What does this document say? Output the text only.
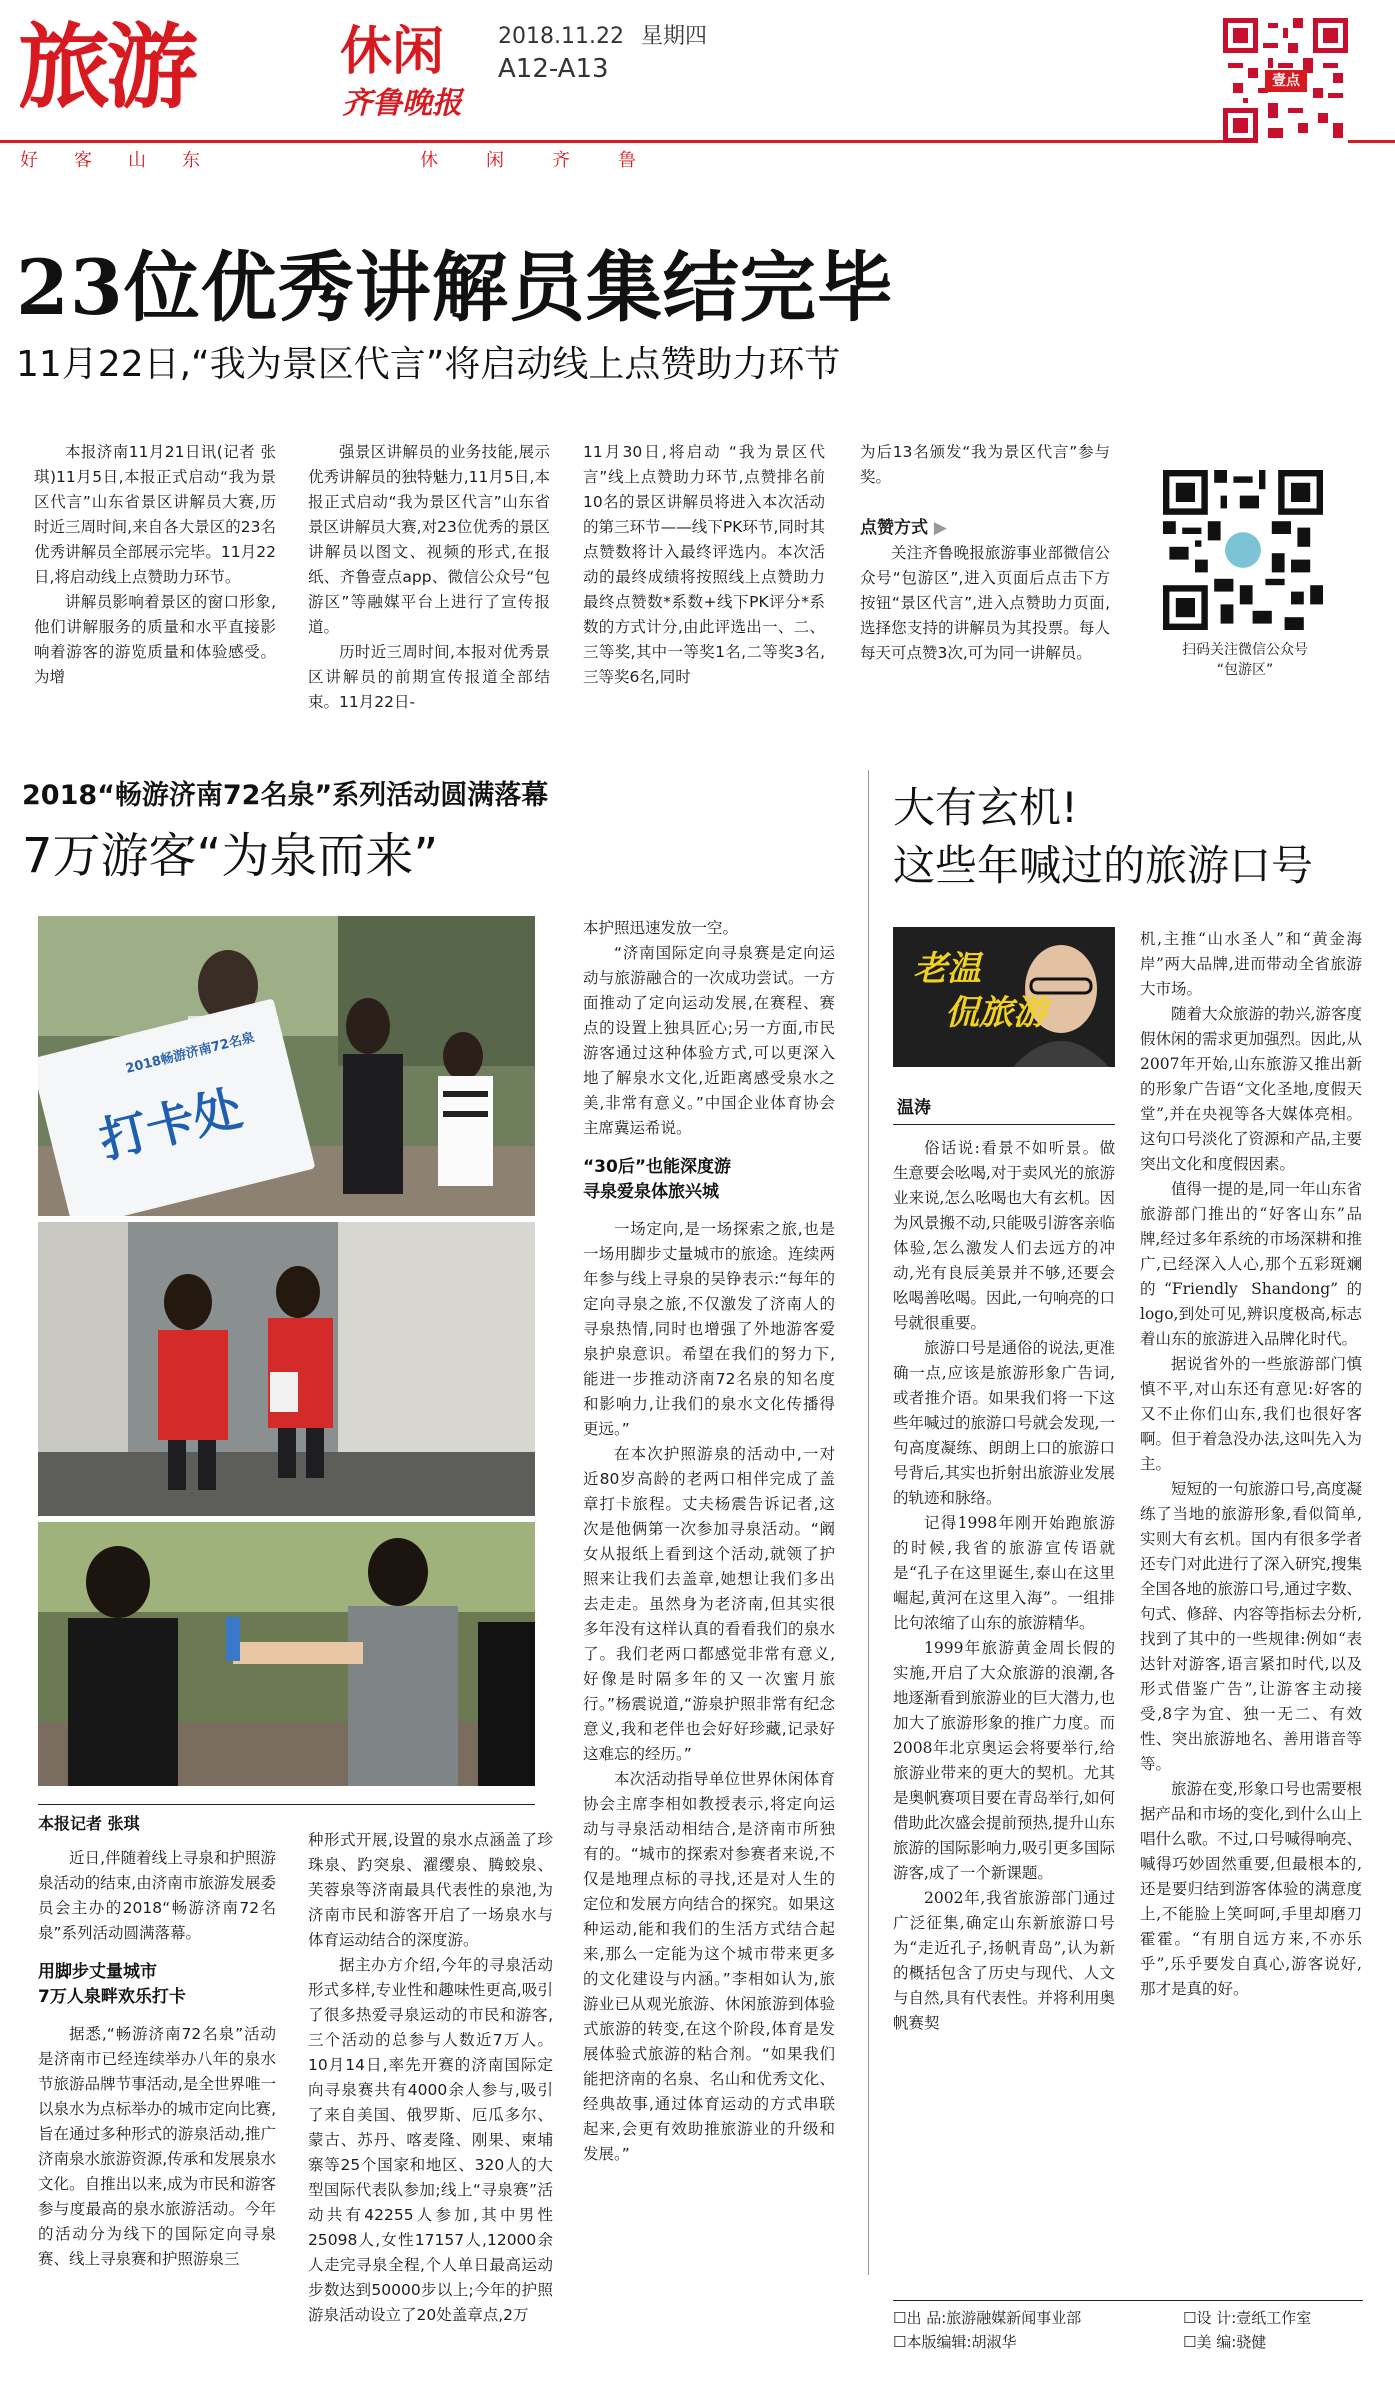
旅游	休闲
齐鲁晚报
2018.11.22 星期四
A12-A13
好客山东	休闲齐鲁
壹点
23位优秀讲解员集结完毕
11月22日,“我为景区代言”将启动线上点赞助力环节

本报济南11月21日讯(记者 张琪)11月5日,本报正式启动“我为景区代言”山东省景区讲解员大赛,历时近三周时间,来自各大景区的23名优秀讲解员全部展示完毕。11月22日,将启动线上点赞助力环节。

讲解员影响着景区的窗口形象,他们讲解服务的质量和水平直接影响着游客的游览质量和体验感受。为增

强景区讲解员的业务技能,展示优秀讲解员的独特魅力,11月5日,本报正式启动“我为景区代言”山东省景区讲解员大赛,对23位优秀的景区讲解员以图文、视频的形式,在报纸、齐鲁壹点app、微信公众号“包游区”等融媒平台上进行了宣传报道。

历时近三周时间,本报对优秀景区讲解员的前期宣传报道全部结束。11月22日-

11月30日,将启动 “我为景区代言”线上点赞助力环节,点赞排名前10名的景区讲解员将进入本次活动的第三环节——线下PK环节,同时其点赞数将计入最终评选内。本次活动的最终成绩将按照线上点赞助力最终点赞数*系数+线下PK评分*系数的方式计分,由此评选出一、二、三等奖,其中一等奖1名,二等奖3名,三等奖6名,同时

为后13名颁发“我为景区代言”参与奖。

点赞方式 ▶

关注齐鲁晚报旅游事业部微信公众号“包游区”,进入页面后点击下方按钮“景区代言”,进入点赞助力页面,选择您支持的讲解员为其投票。每人每天可点赞3次,可为同一讲解员。	扫码关注微信公众号
“包游区”
2018“畅游济南72名泉”系列活动圆满落幕
7万游客“为泉而来”
2018畅游济南72名泉
打卡处
本报记者 张琪

近日,伴随着线上寻泉和护照游泉活动的结束,由济南市旅游发展委员会主办的2018“畅游济南72名泉”系列活动圆满落幕。

用脚步丈量城市
7万人泉畔欢乐打卡

据悉,“畅游济南72名泉”活动是济南市已经连续举办八年的泉水节旅游品牌节事活动,是全世界唯一以泉水为点标举办的城市定向比赛,旨在通过多种形式的游泉活动,推广济南泉水旅游资源,传承和发展泉水文化。自推出以来,成为市民和游客参与度最高的泉水旅游活动。今年的活动分为线下的国际定向寻泉赛、线上寻泉赛和护照游泉三

种形式开展,设置的泉水点涵盖了珍珠泉、趵突泉、濯缨泉、腾蛟泉、芙蓉泉等济南最具代表性的泉池,为济南市民和游客开启了一场泉水与体育运动结合的深度游。

据主办方介绍,今年的寻泉活动形式多样,专业性和趣味性更高,吸引了很多热爱寻泉运动的市民和游客,三个活动的总参与人数近7万人。10月14日,率先开赛的济南国际定向寻泉赛共有4000余人参与,吸引了来自美国、俄罗斯、厄瓜多尔、蒙古、苏丹、喀麦隆、刚果、柬埔寨等25个国家和地区、320人的大型国际代表队参加;线上“寻泉赛”活动共有42255人参加,其中男性25098人,女性17157人,12000余人走完寻泉全程,个人单日最高运动步数达到50000步以上;今年的护照游泉活动设立了20处盖章点,2万

本护照迅速发放一空。

“济南国际定向寻泉赛是定向运动与旅游融合的一次成功尝试。一方面推动了定向运动发展,在赛程、赛点的设置上独具匠心;另一方面,市民游客通过这种体验方式,可以更深入地了解泉水文化,近距离感受泉水之美,非常有意义。”中国企业体育协会主席冀运希说。

“30后”也能深度游
寻泉爱泉体旅兴城

一场定向,是一场探索之旅,也是一场用脚步丈量城市的旅途。连续两年参与线上寻泉的吴铮表示:“每年的定向寻泉之旅,不仅激发了济南人的寻泉热情,同时也增强了外地游客爱泉护泉意识。希望在我们的努力下,能进一步推动济南72名泉的知名度和影响力,让我们的泉水文化传播得更远。”

在本次护照游泉的活动中,一对近80岁高龄的老两口相伴完成了盖章打卡旅程。丈夫杨震告诉记者,这次是他俩第一次参加寻泉活动。“阚女从报纸上看到这个活动,就领了护照来让我们去盖章,她想让我们多出去走走。虽然身为老济南,但其实很多年没有这样认真的看看我们的泉水了。我们老两口都感觉非常有意义,好像是时隔多年的又一次蜜月旅行。”杨震说道,“游泉护照非常有纪念意义,我和老伴也会好好珍藏,记录好这难忘的经历。”

本次活动指导单位世界休闲体育协会主席李相如教授表示,将定向运动与寻泉活动相结合,是济南市所独有的。“城市的探索对参赛者来说,不仅是地理点标的寻找,还是对人生的定位和发展方向结合的探究。如果这种运动,能和我们的生活方式结合起来,那么一定能为这个城市带来更多的文化建设与内涵。”李相如认为,旅游业已从观光旅游、休闲旅游到体验式旅游的转变,在这个阶段,体育是发展体验式旅游的粘合剂。“如果我们能把济南的名泉、名山和优秀文化、经典故事,通过体育运动的方式串联起来,会更有效助推旅游业的升级和发展。”

大有玄机!
这些年喊过的旅游口号
老温
侃旅游
温涛

俗话说:看景不如听景。做生意要会吆喝,对于卖风光的旅游业来说,怎么吆喝也大有玄机。因为风景搬不动,只能吸引游客亲临体验,怎么激发人们去远方的冲动,光有良辰美景并不够,还要会吆喝善吆喝。因此,一句响亮的口号就很重要。

旅游口号是通俗的说法,更准确一点,应该是旅游形象广告词,或者推介语。如果我们将一下这些年喊过的旅游口号就会发现,一句高度凝练、朗朗上口的旅游口号背后,其实也折射出旅游业发展的轨迹和脉络。

记得1998年刚开始跑旅游的时候,我省的旅游宣传语就是“孔子在这里诞生,泰山在这里崛起,黄河在这里入海”。一组排比句浓缩了山东的旅游精华。

1999年旅游黄金周长假的实施,开启了大众旅游的浪潮,各地逐渐看到旅游业的巨大潜力,也加大了旅游形象的推广力度。而2008年北京奥运会将要举行,给旅游业带来的更大的契机。尤其是奥帆赛项目要在青岛举行,如何借助此次盛会提前预热,提升山东旅游的国际影响力,吸引更多国际游客,成了一个新课题。

2002年,我省旅游部门通过广泛征集,确定山东新旅游口号为“走近孔子,扬帆青岛”,认为新的概括包含了历史与现代、人文与自然,具有代表性。并将利用奥帆赛契

机,主推“山水圣人”和“黄金海岸”两大品牌,进而带动全省旅游大市场。

随着大众旅游的勃兴,游客度假休闲的需求更加强烈。因此,从2007年开始,山东旅游又推出新的形象广告语“文化圣地,度假天堂”,并在央视等各大媒体亮相。这句口号淡化了资源和产品,主要突出文化和度假因素。

值得一提的是,同一年山东省旅游部门推出的“好客山东”品牌,经过多年系统的市场深耕和推广,已经深入人心,那个五彩斑斓的“Friendly Shandong”的logo,到处可见,辨识度极高,标志着山东的旅游进入品牌化时代。

据说省外的一些旅游部门慎慎不平,对山东还有意见:好客的又不止你们山东,我们也很好客啊。但于着急没办法,这叫先入为主。

短短的一句旅游口号,高度凝练了当地的旅游形象,看似简单,实则大有玄机。国内有很多学者还专门对此进行了深入研究,搜集全国各地的旅游口号,通过字数、句式、修辞、内容等指标去分析,找到了其中的一些规律:例如“表达针对游客,语言紧扣时代,以及形式借鉴广告”,让游客主动接受,8字为宜、独一无二、有效性、突出旅游地名、善用谐音等等。

旅游在变,形象口号也需要根据产品和市场的变化,到什么山上唱什么歌。不过,口号喊得响亮、喊得巧妙固然重要,但最根本的,还是要归结到游客体验的满意度上,不能脸上笑呵呵,手里却磨刀霍霍。“有朋自远方来,不亦乐乎”,乐乎要发自真心,游客说好,那才是真的好。

☐出 品:旅游融媒新闻事业部
☐本版编辑:胡淑华
☐设 计:壹纸工作室
☐美 编:骁健
